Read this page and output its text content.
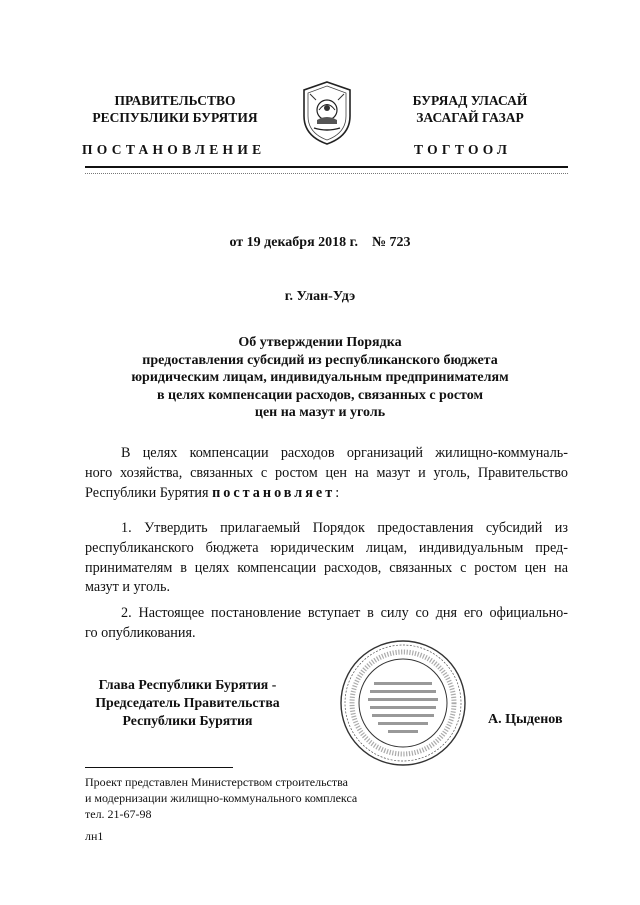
ПРАВИТЕЛЬСТВО
РЕСПУБЛИКИ БУРЯТИЯ
БУРЯАД УЛАСАЙ
ЗАСАГАЙ ГАЗАР
ПОСТАНОВЛЕНИЕ	ТОГТООЛ
от 19 декабря 2018 г.    № 723
г. Улан-Удэ
Об утверждении Порядка
предоставления субсидий из республиканского бюджета
юридическим лицам, индивидуальным предпринимателям
в целях компенсации расходов, связанных с ростом
цен на мазут и уголь
В целях компенсации расходов организаций жилищно-коммуналь-
ного хозяйства, связанных с ростом цен на мазут и уголь, Правительство
Республики Бурятия постановляет:
1. Утвердить прилагаемый Порядок предоставления субсидий из
республиканского бюджета юридическим лицам, индивидуальным пред-
принимателям в целях компенсации расходов, связанных с ростом цен на
мазут и уголь.
2. Настоящее постановление вступает в силу со дня его официально-
го опубликования.
Глава Республики Бурятия -
Председатель Правительства
Республики Бурятия	А. Цыденов
Проект представлен Министерством строительства
и модернизации жилищно-коммунального комплекса
тел. 21-67-98
лн1
